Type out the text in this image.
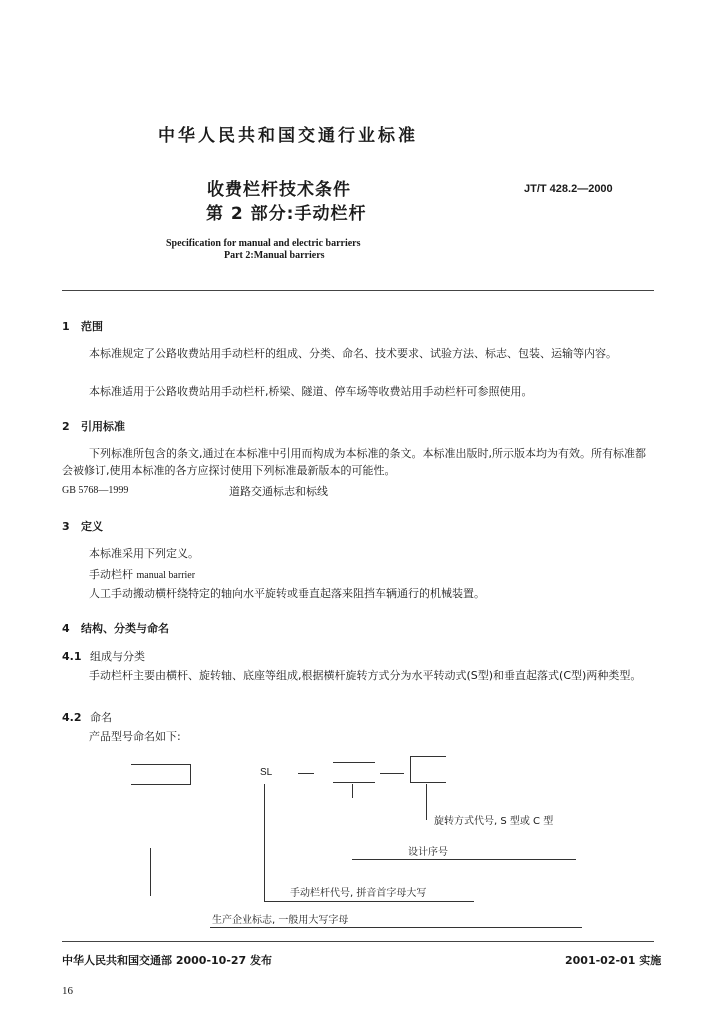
中华人民共和国交通行业标准
收费栏杆技术条件
第 2 部分:手动栏杆
JT/T 428.2—2000
Specification for manual and electric barriers
Part 2:Manual barriers
1 范围
本标准规定了公路收费站用手动栏杆的组成、分类、命名、技术要求、试验方法、标志、包装、运输等内容。
本标准适用于公路收费站用手动栏杆,桥梁、隧道、停车场等收费站用手动栏杆可参照使用。
2 引用标准
下列标准所包含的条文,通过在本标准中引用而构成为本标准的条文。本标准出版时,所示版本均为有效。所有标准都会被修订,使用本标准的各方应探讨使用下列标准最新版本的可能性。
GB 5768—1999	道路交通标志和标线
3 定义
本标准采用下列定义。
手动栏杆 manual barrier
人工手动搬动横杆绕特定的轴向水平旋转或垂直起落来阻挡车辆通行的机械装置。
4 结构、分类与命名
4.1 组成与分类
手动栏杆主要由横杆、旋转轴、底座等组成,根据横杆旋转方式分为水平转动式(S型)和垂直起落式(C型)两种类型。
4.2 命名
产品型号命名如下:
SL
旋转方式代号, S 型或 C 型
设计序号
手动栏杆代号, 拼音首字母大写
生产企业标志, 一般用大写字母
中华人民共和国交通部 2000-10-27 发布	2001-02-01 实施
16
